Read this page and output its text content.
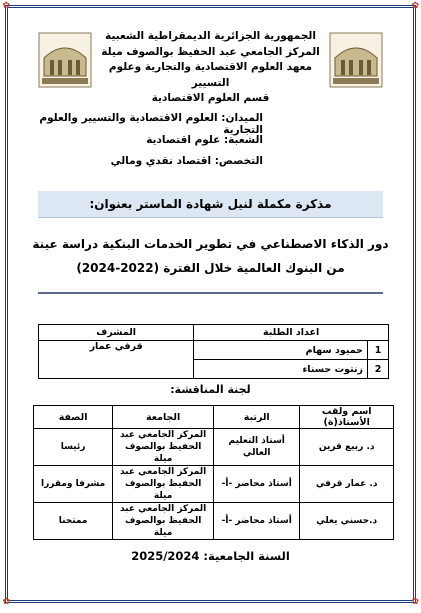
✿	✿
✿	✿
الجمهورية الجزائرية الديمقراطية الشعبية
المركز الجامعي عبد الحفيظ بوالصوف ميلة
معهد العلوم الاقتصادية والتجارية وعلوم التسيير
قسم العلوم الاقتصادية
الميدان: العلوم الاقتصادية والتسيير والعلوم التجارية
الشعبة: علوم اقتصادية
التخصص: اقتصاد نقدي ومالي
مذكرة مكملة لنيل شهادة الماستر بعنوان:
دور الذكاء الاصطناعي في تطوير الخدمات البنكية دراسة عينة من البنوك العالمية خلال الفترة (2022-2024)
اعداد الطلبة		المشرف
1	حميود سهام	قرفي عمار
2	زنتوت حسناء	
لجنة المناقشة:
اسم ولقب الأستاذ(ة)	الرتبة	الجامعة	الصفة
د. ربيع قرين	أستاذ التعليم العالي	المركز الجامعي عبد الحفيظ بوالصوف ميلة	رئيسا
د. عمار قرفي	أستاذ محاضر -أ-	المركز الجامعي عبد الحفيظ بوالصوف ميلة	مشرفا ومقررا
د.حسني يعلي	أستاذ محاضر -أ-	المركز الجامعي عبد الحفيظ بوالصوف ميلة	ممتحنا
السنة الجامعية: 2025/2024
